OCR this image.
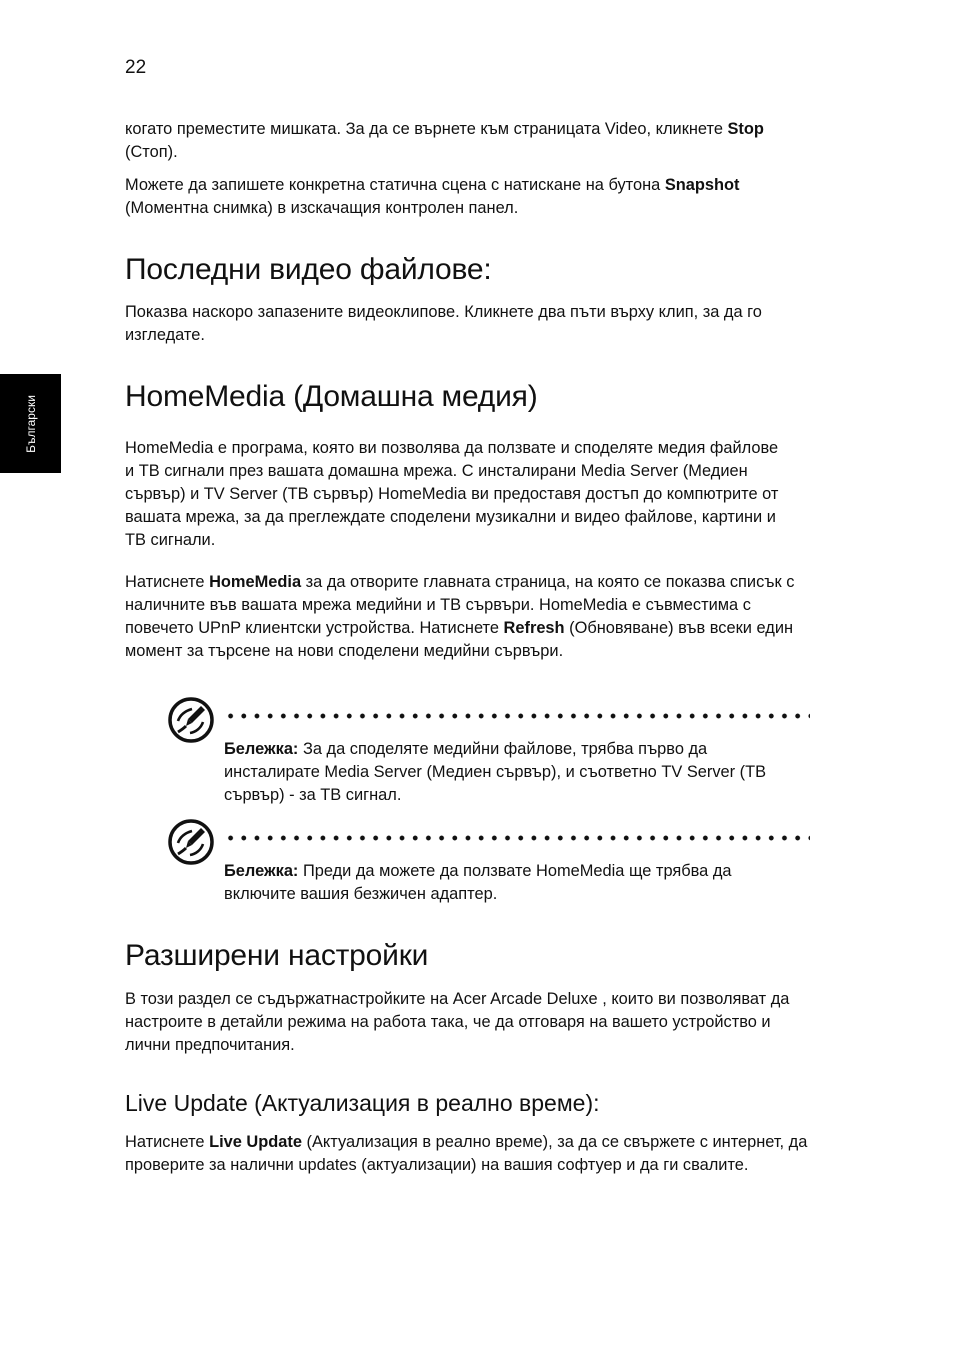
22
Български

когато преместите мишката. За да се върнете към страницата Video, кликнете Stop (Стоп).

Можете да запишете конкретна статична сцена с натискане на бутона Snapshot (Моментна снимка) в изскачащия контролен панел.

Последни видео файлове:

Показва наскоро запазените видеоклипове. Кликнете два пъти върху клип, за да го изгледате.

HomeMedia (Домашна медия)

HomeMedia е програма, която ви позволява да ползвате и споделяте медия файлове и ТВ сигнали през вашата домашна мрежа. С инсталирани Media Server (Медиен сървър) и TV Server (ТВ сървър) HomeMedia ви предоставя достъп до компютрите от вашата мрежа, за да преглеждате споделени музикални и видео файлове, картини и ТВ сигнали.

Натиснете HomeMedia за да отворите главната страница, на която се показва списък с наличните във вашата мрежа медийни и ТВ сървъри. HomeMedia е съвместима с повечето UPnP клиентски устройства. Натиснете Refresh (Обновяване) във всеки един момент за търсене на нови споделени медийни сървъри.

Бележка: За да споделяте медийни файлове, трябва първо да инсталирате Media Server (Медиен сървър), и съответно TV Server (ТВ сървър) - за ТВ сигнал.

Бележка: Преди да можете да ползвате HomeMedia ще трябва да включите вашия безжичен адаптер.

Разширени настройки

В този раздел се съдържатнастройките на Acer Arcade Deluxe , които ви позволяват да настроите в детайли режима на работа така, че да отговаря на вашето устройство и лични предпочитания.

Live Update (Актуализация в реално време):

Натиснете Live Update (Актуализация в реално време), за да се свържете с интернет, да проверите за налични updates (актуализации) на вашия софтуер и да ги свалите.
